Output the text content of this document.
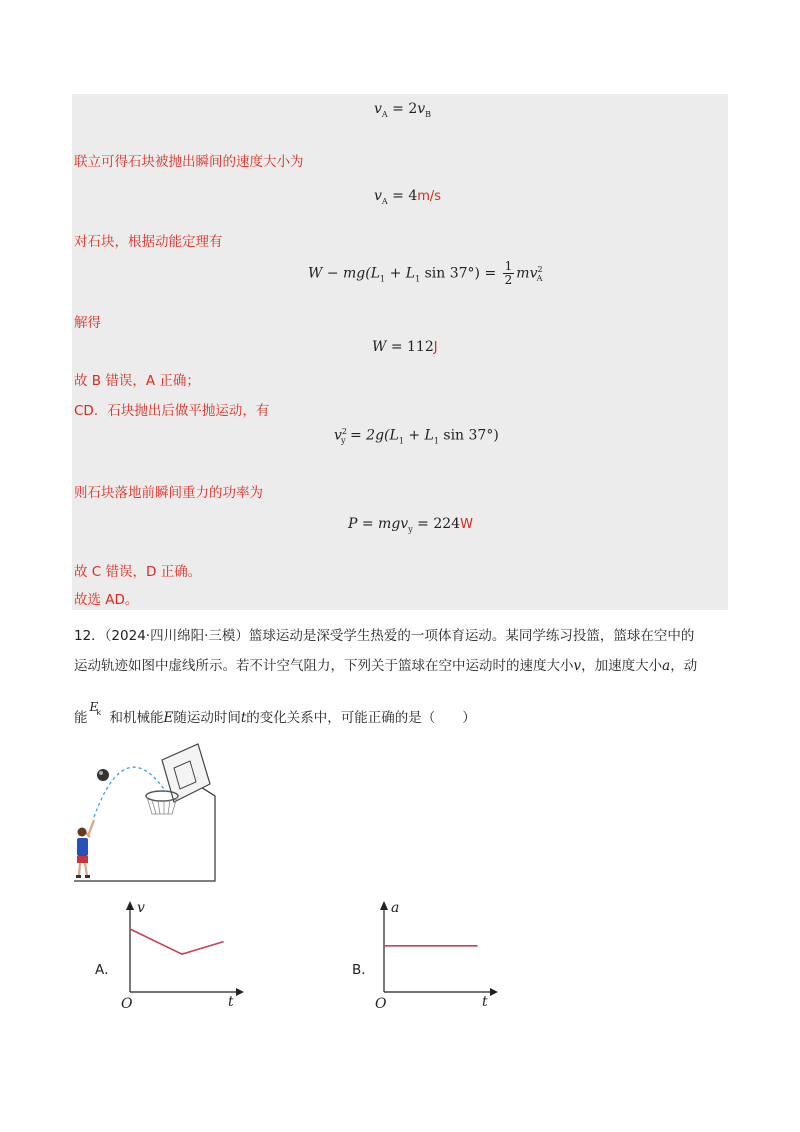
$v_A = 2v_B$
联立可得石块被抛出瞬间的速度大小为
$v_A = 4m/s$
对石块，根据动能定理有
$W - mg(L_1 + L_1$ $\sin 37^\circ) = \frac{1}{2} mv^2_A$
解得
W = 112J
故 B 错误，A 正确；
CD．石块抛出后做平抛运动，有
$v^2_y = 2g(L_1 + L_1$ sin 37°)
则石块落地前瞬间重力的功率为
P = mgv$_y$ = 224W
故 C 错误，D 正确。
故选 AD。
12．（2024·四川绵阳·三模）篮球运动是深受学生热爱的一项体育运动。某同学练习投篮，篮球在空中的
运动轨迹如图中虚线所示。若不计空气阻力，下列关于篮球在空中运动时的速度大小v，加速度大小a，动
能
E
k 和机械能E随运动时间t的变化关系中，可能正确的是（　　）
A．
v
t
O
B．
a
t
O
